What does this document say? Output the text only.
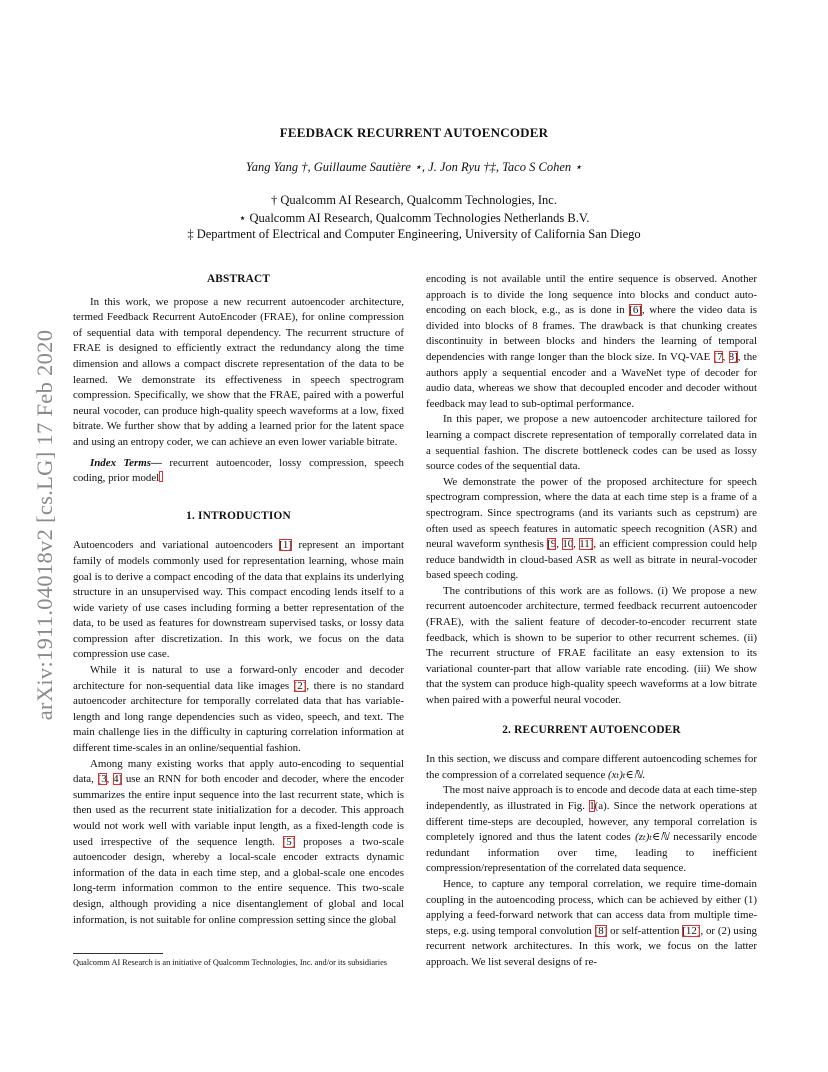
FEEDBACK RECURRENT AUTOENCODER
Yang Yang †, Guillaume Sautière ⋆, J. Jon Ryu †‡, Taco S Cohen ⋆
† Qualcomm AI Research, Qualcomm Technologies, Inc.
⋆ Qualcomm AI Research, Qualcomm Technologies Netherlands B.V.
‡ Department of Electrical and Computer Engineering, University of California San Diego
arXiv:1911.04018v2 [cs.LG] 17 Feb 2020
ABSTRACT

In this work, we propose a new recurrent autoencoder architecture, termed Feedback Recurrent AutoEncoder (FRAE), for online compression of sequential data with temporal dependency. The recurrent structure of FRAE is designed to efficiently extract the redundancy along the time dimension and allows a compact discrete representation of the data to be learned. We demonstrate its effectiveness in speech spectrogram compression. Specifically, we show that the FRAE, paired with a powerful neural vocoder, can produce high-quality speech waveforms at a low, fixed bitrate. We further show that by adding a learned prior for the latent space and using an entropy coder, we can achieve an even lower variable bitrate.

Index Terms— recurrent autoencoder, lossy compression, speech coding, prior model

1. INTRODUCTION

Autoencoders and variational autoencoders [1] represent an important family of models commonly used for representation learning, whose main goal is to derive a compact encoding of the data that explains its underlying structure in an unsupervised way. This compact encoding lends itself to a wide variety of use cases including forming a better representation of the data, to be used as features for downstream supervised tasks, or lossy data compression after discretization. In this work, we focus on the data compression use case.

While it is natural to use a forward-only encoder and decoder architecture for non-sequential data like images [2], there is no standard autoencoder architecture for temporally correlated data that has variable-length and long range dependencies such as video, speech, and text. The main challenge lies in the difficulty in capturing correlation information at different time-scales in an online/sequential fashion.

Among many existing works that apply auto-encoding to sequential data, [3, 4] use an RNN for both encoder and decoder, where the encoder summarizes the entire input sequence into the last recurrent state, which is then used as the recurrent state initialization for a decoder. This approach would not work well with variable input length, as a fixed-length code is used irrespective of the sequence length. [5] proposes a two-scale autoencoder design, whereby a local-scale encoder extracts dynamic information of the data in each time step, and a global-scale one encodes long-term information common to the entire sequence. This two-scale design, although providing a nice disentanglement of global and local information, is not suitable for online compression setting since the global

Qualcomm AI Research is an initiative of Qualcomm Technologies, Inc. and/or its subsidiaries

encoding is not available until the entire sequence is observed. Another approach is to divide the long sequence into blocks and conduct auto-encoding on each block, e.g., as is done in [6], where the video data is divided into blocks of 8 frames. The drawback is that chunking creates discontinuity in between blocks and hinders the learning of temporal dependencies with range longer than the block size. In VQ-VAE [7, 8], the authors apply a sequential encoder and a WaveNet type of decoder for audio data, whereas we show that decoupled encoder and decoder without feedback may lead to sub-optimal performance.

In this paper, we propose a new autoencoder architecture tailored for learning a compact discrete representation of temporally correlated data in a sequential fashion. The discrete bottleneck codes can be used as lossy source codes of the sequential data.

We demonstrate the power of the proposed architecture for speech spectrogram compression, where the data at each time step is a frame of a spectrogram. Since spectrograms (and its variants such as cepstrum) are often used as speech features in automatic speech recognition (ASR) and neural waveform synthesis [9, 10, 11], an efficient compression could help reduce bandwidth in cloud-based ASR as well as bitrate in neural-vocoder based speech coding.

The contributions of this work are as follows. (i) We propose a new recurrent autoencoder architecture, termed feedback recurrent autoencoder (FRAE), with the salient feature of decoder-to-encoder recurrent state feedback, which is shown to be superior to other recurrent schemes. (ii) The recurrent structure of FRAE facilitate an easy extension to its variational counter-part that allow variable rate encoding. (iii) We show that the system can produce high-quality speech waveforms at a low bitrate when paired with a powerful neural vocoder.

2. RECURRENT AUTOENCODER

In this section, we discuss and compare different autoencoding schemes for the compression of a correlated sequence (xₜ)ₜ∈ℕ.

The most naive approach is to encode and decode data at each time-step independently, as illustrated in Fig. 1(a). Since the network operations at different time-steps are decoupled, however, any temporal correlation is completely ignored and thus the latent codes (zₜ)ₜ∈ℕ necessarily encode redundant information over time, leading to inefficient compression/representation of the correlated data sequence.

Hence, to capture any temporal correlation, we require time-domain coupling in the autoencoding process, which can be achieved by either (1) applying a feed-forward network that can access data from multiple time-steps, e.g. using temporal convolution [8] or self-attention [12], or (2) using recurrent network architectures. In this work, we focus on the latter approach. We list several designs of re-
